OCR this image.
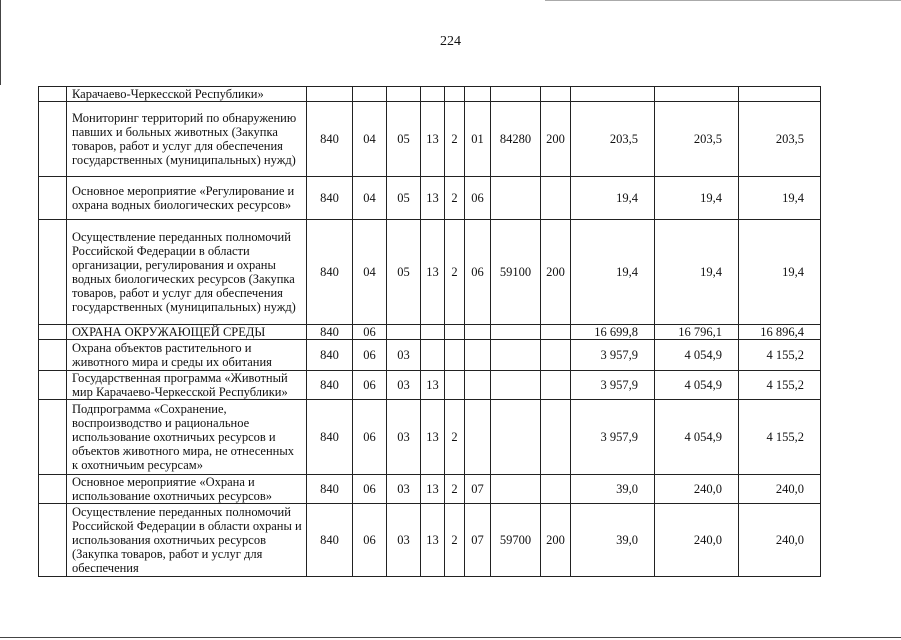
224
	Карачаево-Черкесской Республики»											
	Мониторинг территорий по обнаружению павших и больных животных (Закупка товаров, работ и услуг для обеспечения государственных (муниципальных) нужд)	840	04	05	13	2	01	84280	200	203,5	203,5	203,5
	Основное мероприятие «Регулирование и охрана водных биологических ресурсов»	840	04	05	13	2	06			19,4	19,4	19,4
	Осуществление переданных полномочий Российской Федерации в области организации, регулирования и охраны водных биологических ресурсов (Закупка товаров, работ и услуг для обеспечения государственных (муниципальных) нужд)	840	04	05	13	2	06	59100	200	19,4	19,4	19,4
	ОХРАНА ОКРУЖАЮЩЕЙ СРЕДЫ	840	06							16 699,8	16 796,1	16 896,4
	Охрана объектов растительного и животного мира и среды их обитания	840	06	03						3 957,9	4 054,9	4 155,2
	Государственная программа «Животный мир Карачаево-Черкесской Республики»	840	06	03	13					3 957,9	4 054,9	4 155,2
	Подпрограмма «Сохранение, воспроизводство и рациональное использование охотничьих ресурсов и объектов животного мира, не отнесенных к охотничьим ресурсам»	840	06	03	13	2				3 957,9	4 054,9	4 155,2
	Основное мероприятие «Охрана и использование охотничьих ресурсов»	840	06	03	13	2	07			39,0	240,0	240,0
	Осуществление переданных полномочий Российской Федерации в области охраны и использования охотничьих ресурсов (Закупка товаров, работ и услуг для обеспечения	840	06	03	13	2	07	59700	200	39,0	240,0	240,0
